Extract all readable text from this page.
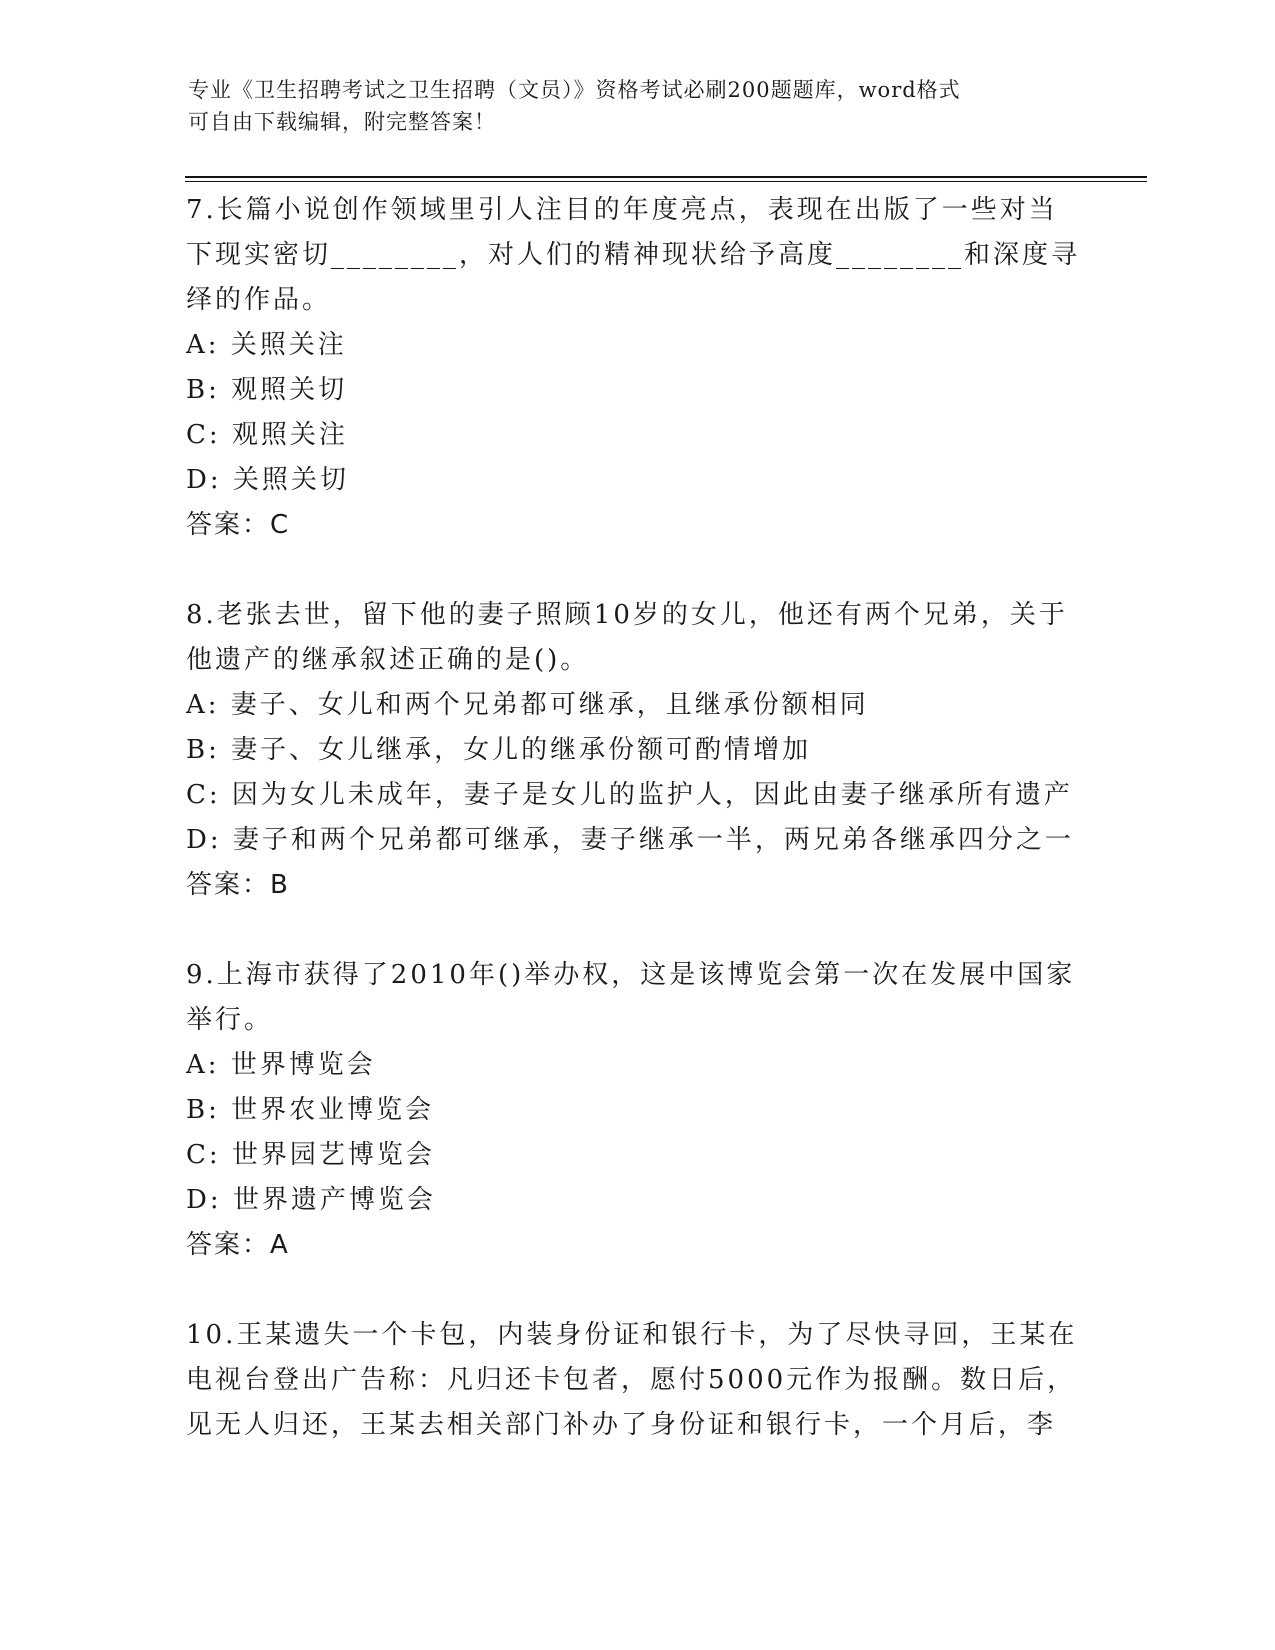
专业《卫生招聘考试之卫生招聘（文员）》资格考试必刷200题题库，word格式
可自由下载编辑，附完整答案！

7.长篇小说创作领域里引人注目的年度亮点，表现在出版了一些对当下现实密切________，对人们的精神现状给予高度________和深度寻绎的作品。

A: 关照关注
B: 观照关切
C: 观照关注
D: 关照关切
答案：C

8.老张去世，留下他的妻子照顾10岁的女儿，他还有两个兄弟，关于他遗产的继承叙述正确的是()。

A: 妻子、女儿和两个兄弟都可继承，且继承份额相同
B: 妻子、女儿继承，女儿的继承份额可酌情增加
C: 因为女儿未成年，妻子是女儿的监护人，因此由妻子继承所有遗产
D: 妻子和两个兄弟都可继承，妻子继承一半，两兄弟各继承四分之一
答案：B

9.上海市获得了2010年()举办权，这是该博览会第一次在发展中国家举行。

A: 世界博览会
B: 世界农业博览会
C: 世界园艺博览会
D: 世界遗产博览会
答案：A

10.王某遗失一个卡包，内装身份证和银行卡，为了尽快寻回，王某在电视台登出广告称：凡归还卡包者，愿付5000元作为报酬。数日后，见无人归还，王某去相关部门补办了身份证和银行卡，一个月后，李
